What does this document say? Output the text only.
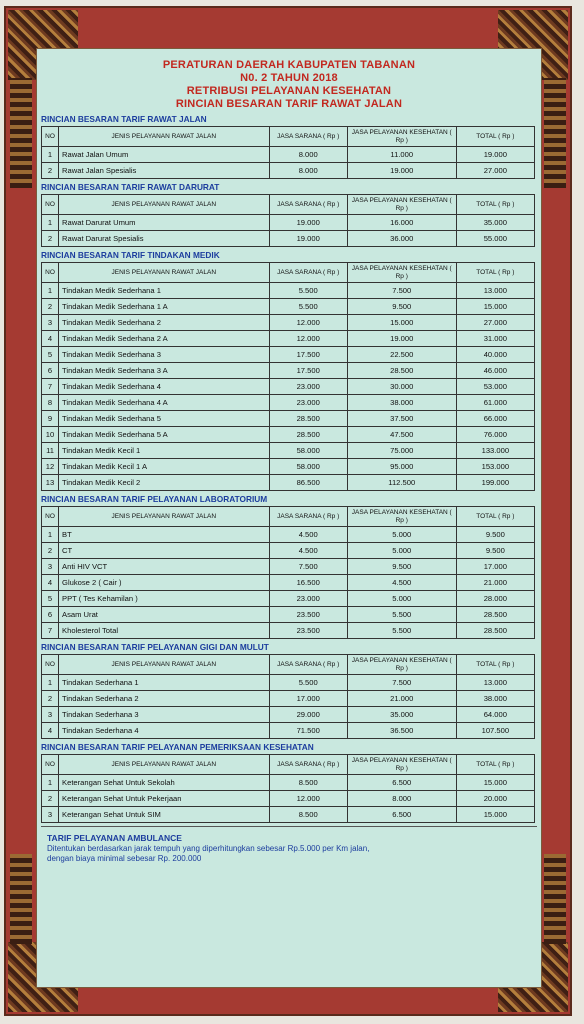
PERATURAN DAERAH KABUPATEN TABANAN
N0. 2 TAHUN 2018
RETRIBUSI PELAYANAN KESEHATAN
RINCIAN BESARAN TARIF RAWAT JALAN
RINCIAN BESARAN TARIF RAWAT JALAN
NO	JENIS PELAYANAN RAWAT JALAN	JASA SARANA ( Rp )	JASA PELAYANAN KESEHATAN ( Rp )	TOTAL ( Rp )
1	Rawat Jalan Umum	8.000	11.000	19.000
2	Rawat Jalan Spesialis	8.000	19.000	27.000
RINCIAN BESARAN TARIF RAWAT DARURAT
NO	JENIS PELAYANAN RAWAT JALAN	JASA SARANA ( Rp )	JASA PELAYANAN KESEHATAN ( Rp )	TOTAL ( Rp )
1	Rawat Darurat Umum	19.000	16.000	35.000
2	Rawat Darurat Spesialis	19.000	36.000	55.000
RINCIAN BESARAN TARIF TINDAKAN MEDIK
NO	JENIS PELAYANAN RAWAT JALAN	JASA SARANA ( Rp )	JASA PELAYANAN KESEHATAN ( Rp )	TOTAL ( Rp )
1	Tindakan Medik Sederhana 1	5.500	7.500	13.000
2	Tindakan Medik Sederhana 1 A	5.500	9.500	15.000
3	Tindakan Medik Sederhana 2	12.000	15.000	27.000
4	Tindakan Medik Sederhana 2 A	12.000	19.000	31.000
5	Tindakan Medik Sederhana 3	17.500	22.500	40.000
6	Tindakan Medik Sederhana 3 A	17.500	28.500	46.000
7	Tindakan Medik Sederhana 4	23.000	30.000	53.000
8	Tindakan Medik Sederhana 4 A	23.000	38.000	61.000
9	Tindakan Medik Sederhana 5	28.500	37.500	66.000
10	Tindakan Medik Sederhana 5 A	28.500	47.500	76.000
11	Tindakan Medik Kecil 1	58.000	75.000	133.000
12	Tindakan Medik Kecil 1 A	58.000	95.000	153.000
13	Tindakan Medik Kecil 2	86.500	112.500	199.000
RINCIAN BESARAN TARIF PELAYANAN LABORATORIUM
NO	JENIS PELAYANAN RAWAT JALAN	JASA SARANA ( Rp )	JASA PELAYANAN KESEHATAN ( Rp )	TOTAL ( Rp )
1	BT	4.500	5.000	9.500
2	CT	4.500	5.000	9.500
3	Anti HIV VCT	7.500	9.500	17.000
4	Glukose 2 ( Cair )	16.500	4.500	21.000
5	PPT ( Tes Kehamilan )	23.000	5.000	28.000
6	Asam Urat	23.500	5.500	28.500
7	Kholesterol Total	23.500	5.500	28.500
RINCIAN BESARAN TARIF PELAYANAN GIGI DAN MULUT
NO	JENIS PELAYANAN RAWAT JALAN	JASA SARANA ( Rp )	JASA PELAYANAN KESEHATAN ( Rp )	TOTAL ( Rp )
1	Tindakan Sederhana 1	5.500	7.500	13.000
2	Tindakan Sederhana 2	17.000	21.000	38.000
3	Tindakan Sederhana 3	29.000	35.000	64.000
4	Tindakan Sederhana 4	71.500	36.500	107.500
RINCIAN BESARAN TARIF PELAYANAN PEMERIKSAAN KESEHATAN
NO	JENIS PELAYANAN RAWAT JALAN	JASA SARANA ( Rp )	JASA PELAYANAN KESEHATAN ( Rp )	TOTAL ( Rp )
1	Keterangan Sehat Untuk Sekolah	8.500	6.500	15.000
2	Keterangan Sehat Untuk Pekerjaan	12.000	8.000	20.000
3	Keterangan Sehat Untuk SIM	8.500	6.500	15.000
TARIF PELAYANAN AMBULANCE
Ditentukan berdasarkan jarak tempuh yang diperhitungkan sebesar Rp.5.000 per Km jalan,
dengan biaya minimal sebesar Rp. 200.000
